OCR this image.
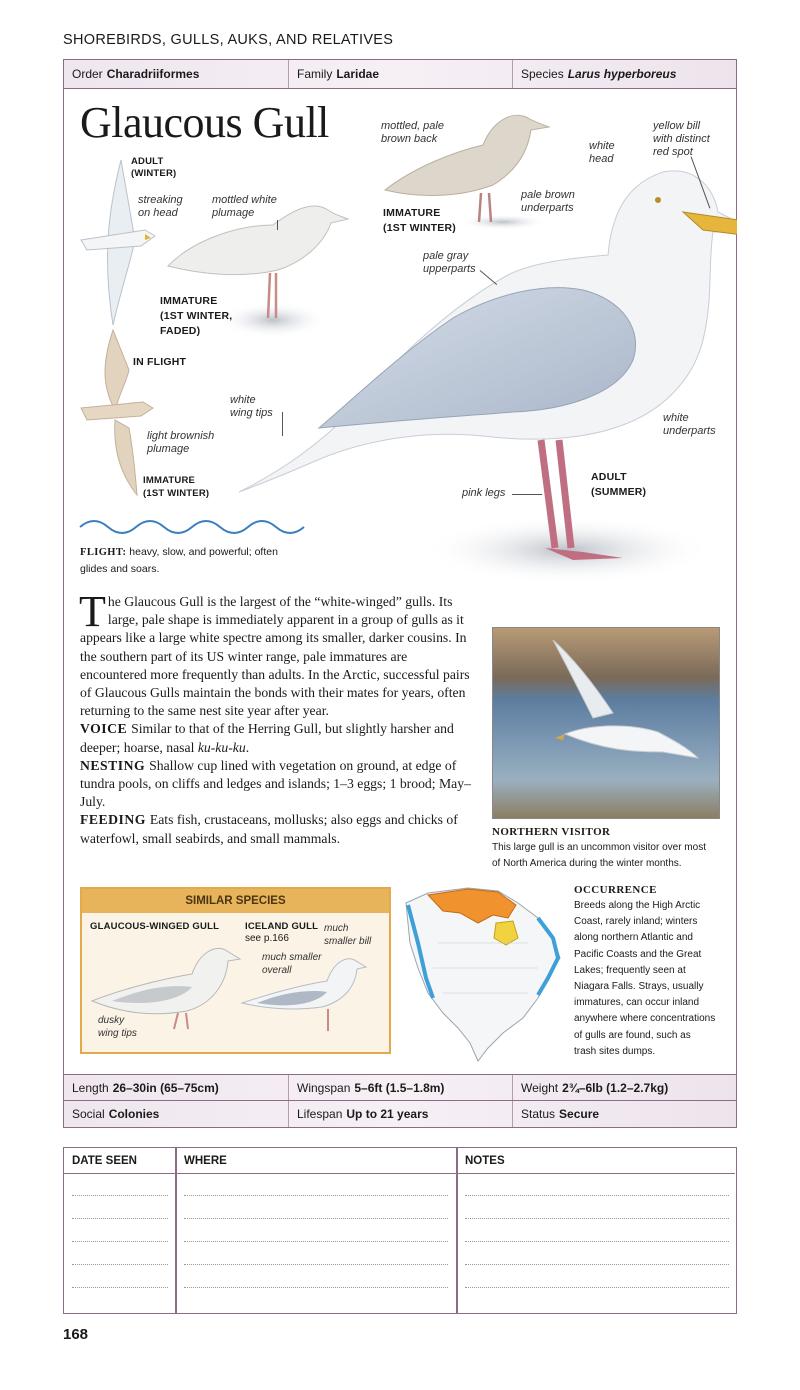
SHOREBIRDS, GULLS, AUKS, AND RELATIVES
Order Charadriiformes	Family Laridae	Species Larus hyperboreus
Glaucous Gull
ADULT
(WINTER)
streaking
on head
mottled white
plumage
IMMATURE
(1ST WINTER,
FADED)
IN FLIGHT
light brownish
plumage
IMMATURE
(1ST WINTER)
mottled, pale
brown back
pale brown
underparts
IMMATURE
(1ST WINTER)
white
head
yellow bill
with distinct
red spot
pale gray
upperparts
white
wing tips	white
underparts
pink legs
ADULT
(SUMMER)
FLIGHT: heavy, slow, and powerful; often
glides and soars.

The Glaucous Gull is the largest of the “white-winged” gulls. Its large, pale shape is immediately apparent in a group of gulls as it appears like a large white spectre among its smaller, darker cousins. In the southern part of its US winter range, pale immatures are encountered more frequently than adults. In the Arctic, successful pairs of Glaucous Gulls maintain the bonds with their mates for years, often returning to the same nest site year after year.

VOICE Similar to that of the Herring Gull, but slightly harsher and deeper; hoarse, nasal ku-ku-ku.

NESTING Shallow cup lined with vegetation on ground, at edge of tundra pools, on cliffs and ledges and islands; 1–3 eggs; 1 brood; May–July.

FEEDING Eats fish, crustaceans, mollusks; also eggs and chicks of waterfowl, small seabirds, and small mammals.	NORTHERN VISITOR
This large gull is an uncommon visitor over most
of North America during the winter months.
SIMILAR SPECIES
GLAUCOUS-WINGED GULL	ICELAND GULL
see p.166
much
smaller bill
much smaller
overall
dusky
wing tips
OCCURRENCE
Breeds along the High Arctic
Coast, rarely inland; winters
along northern Atlantic and
Pacific Coasts and the Great
Lakes; frequently seen at
Niagara Falls. Strays, usually
immatures, can occur inland
anywhere where concentrations
of gulls are found, such as
trash sites dumps.
Length 26–30in (65–75cm)	Wingspan 5–6ft (1.5–1.8m)	Weight 2¾–6lb (1.2–2.7kg)
Social Colonies	Lifespan Up to 21 years	Status Secure
DATE SEEN	WHERE	NOTES
168
